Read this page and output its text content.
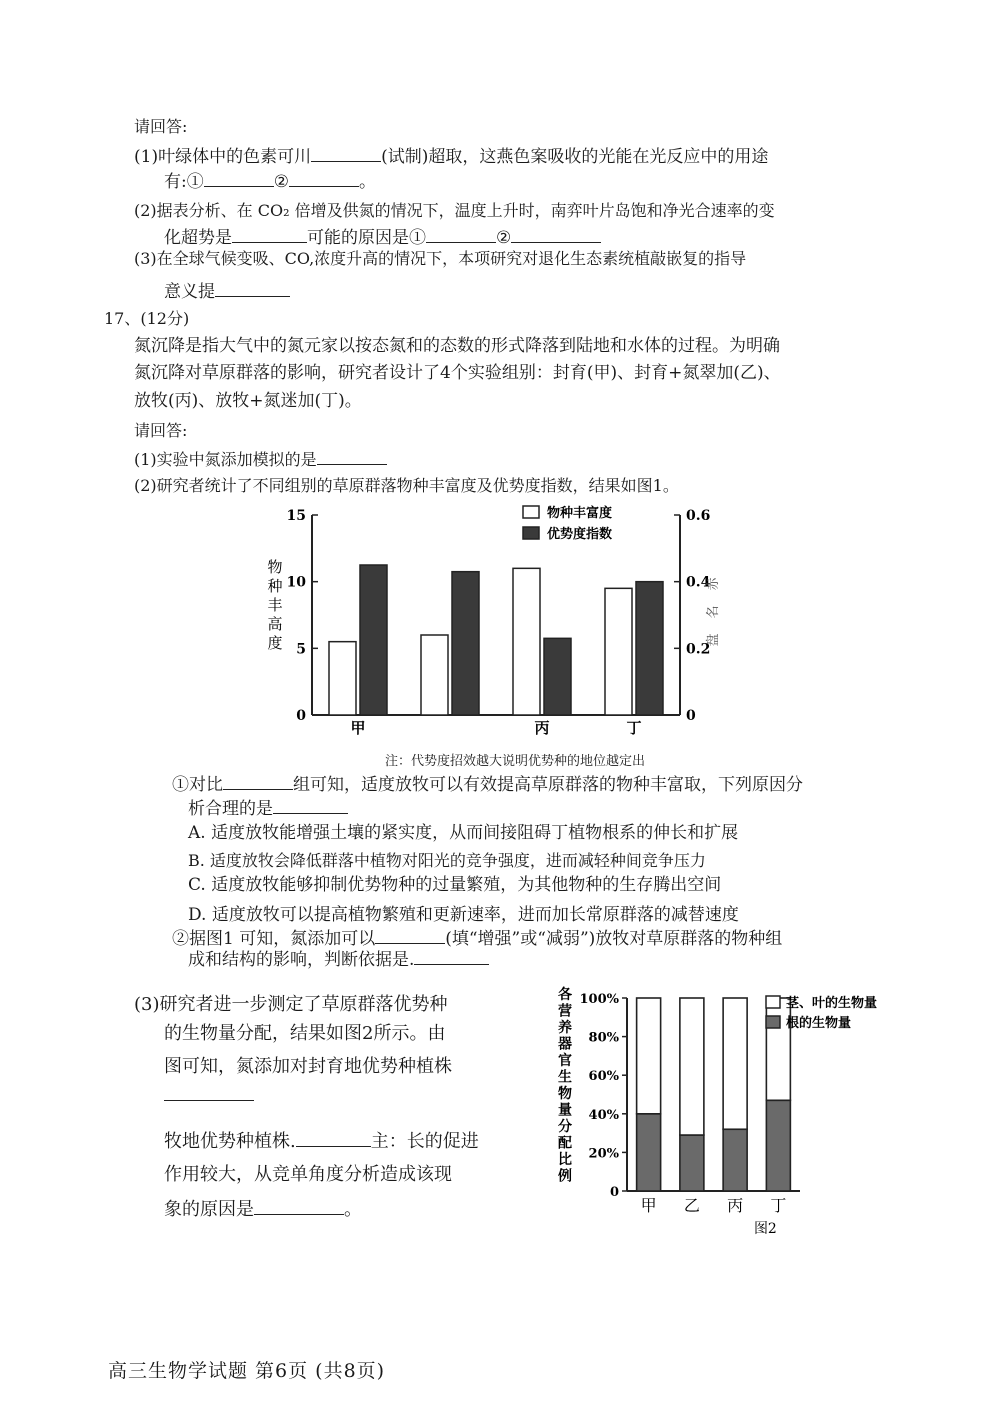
请回答:
(1)叶绿体中的色素可川	(试制)超取，这燕色案吸收的光能在光反应中的用途
有:①	②	。
(2)据表分析、在 CO₂ 倍增及供氮的情况下，温度上升时，南弈叶片岛饱和净光合速率的变
化超势是	可能的原因是①	②
(3)在全球气候变吸、CO,浓度升高的情况下，本项研究对退化生态素统植敲嵌复的指导
意义提
17、(12分)
氮沉降是指大气中的氮元家以按态氮和的态数的形式降落到陆地和水体的过程。为明确
氮沉降对草原群落的影响，研究者设计了4个实验组别：封育(甲)、封育+氮翠加(乙)、
放牧(丙)、放牧+氮迷加(丁)。
请回答:
(1)实验中氮添加模拟的是
(2)研究者统计了不同组别的草原群落物种丰富度及优势度指数，结果如图1。
0
5
10
15
0
0.2
0.4
0.6
甲	丙	丁
物种丰富度
优势度指数
物
种
丰
高
度	盘
名
赤
注：代势度招效越大说明优势种的地位越定出
①对比	组可知，适度放牧可以有效提高草原群落的物种丰富取，下列原因分
析合理的是
A. 适度放牧能增强土壤的紧实度，从而间接阻碍丁植物根系的伸长和扩展
B. 适度放牧会降低群落中植物对阳光的竞争强度，进而减轻种间竞争压力
C. 适度放牧能够抑制优势物种的过量繁殖，为其他物种的生存腾出空间
D. 适度放牧可以提高植物繁殖和更新速率，进而加长常原群落的减替速度
②据图1 可知，氮添加可以	(填“增强”或“减弱”)放牧对草原群落的物种组
成和结构的影响，判断依据是.
(3)研究者进一步测定了草原群落优势种
的生物量分配，结果如图2所示。由
图可知，氮添加对封育地优势种植株
牧地优势种植株.	主：长的促进
作用较大，从竞单角度分析造成该现
象的原因是	。
0
20%
40%
60%
80%
100%
甲 乙 丙 丁
图2
茎、叶的生物量
根的生物量
各
营
养
器
官
生
物
量
分
配
比
例
高三生物学试题 第6页 (共8页)
